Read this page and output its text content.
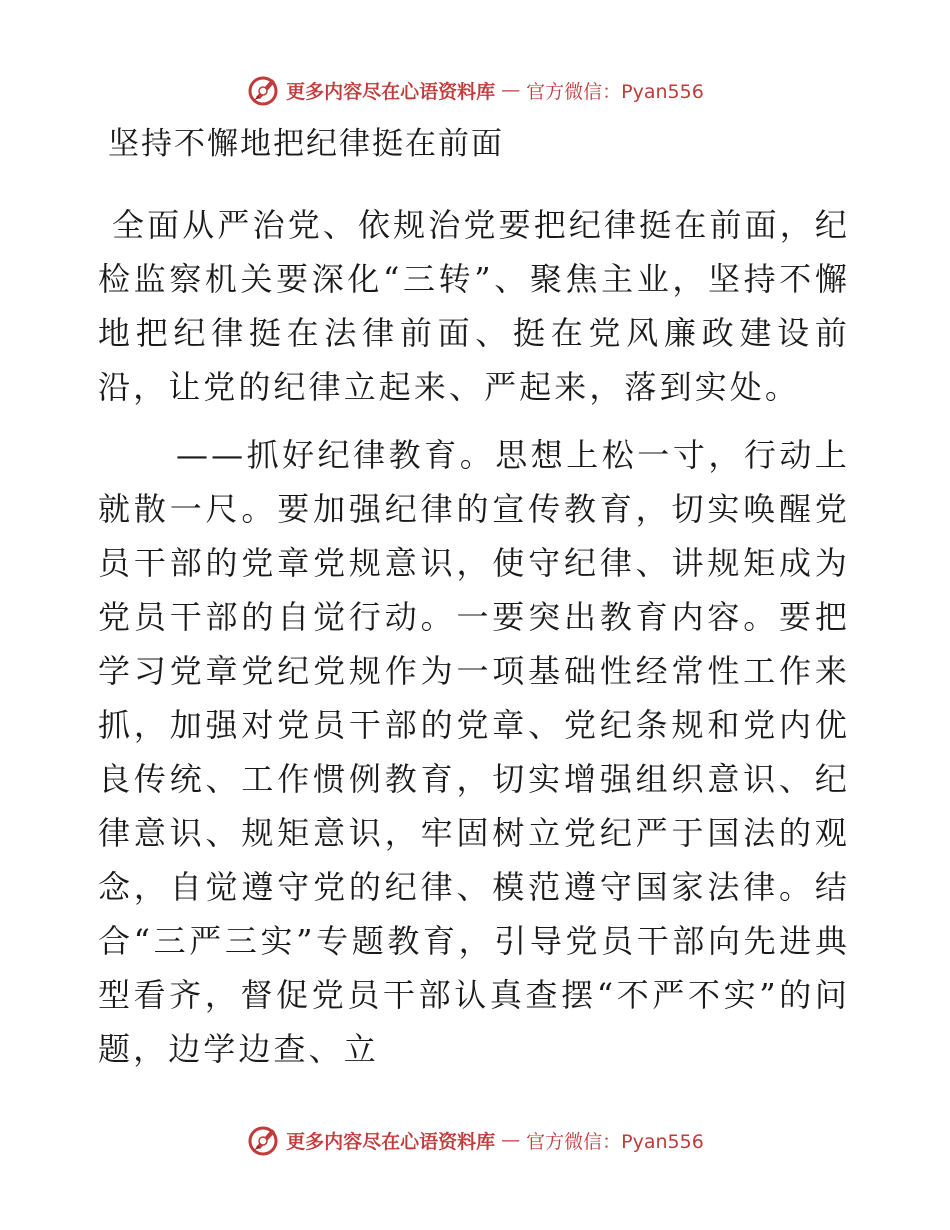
更多内容尽在心语资料库 — 官方微信：Pyan556
坚持不懈地把纪律挺在前面

全面从严治党、依规治党要把纪律挺在前面，纪检监察机关要深化“三转”、聚焦主业，坚持不懈地把纪律挺在法律前面、挺在党风廉政建设前沿，让党的纪律立起来、严起来，落到实处。

——抓好纪律教育。思想上松一寸，行动上就散一尺。要加强纪律的宣传教育，切实唤醒党员干部的党章党规意识，使守纪律、讲规矩成为党员干部的自觉行动。一要突出教育内容。要把学习党章党纪党规作为一项基础性经常性工作来抓，加强对党员干部的党章、党纪条规和党内优良传统、工作惯例教育，切实增强组织意识、纪律意识、规矩意识，牢固树立党纪严于国法的观念，自觉遵守党的纪律、模范遵守国家法律。结合“三严三实”专题教育，引导党员干部向先进典型看齐，督促党员干部认真查摆“不严不实”的问题，边学边查、立

更多内容尽在心语资料库 — 官方微信：Pyan556
